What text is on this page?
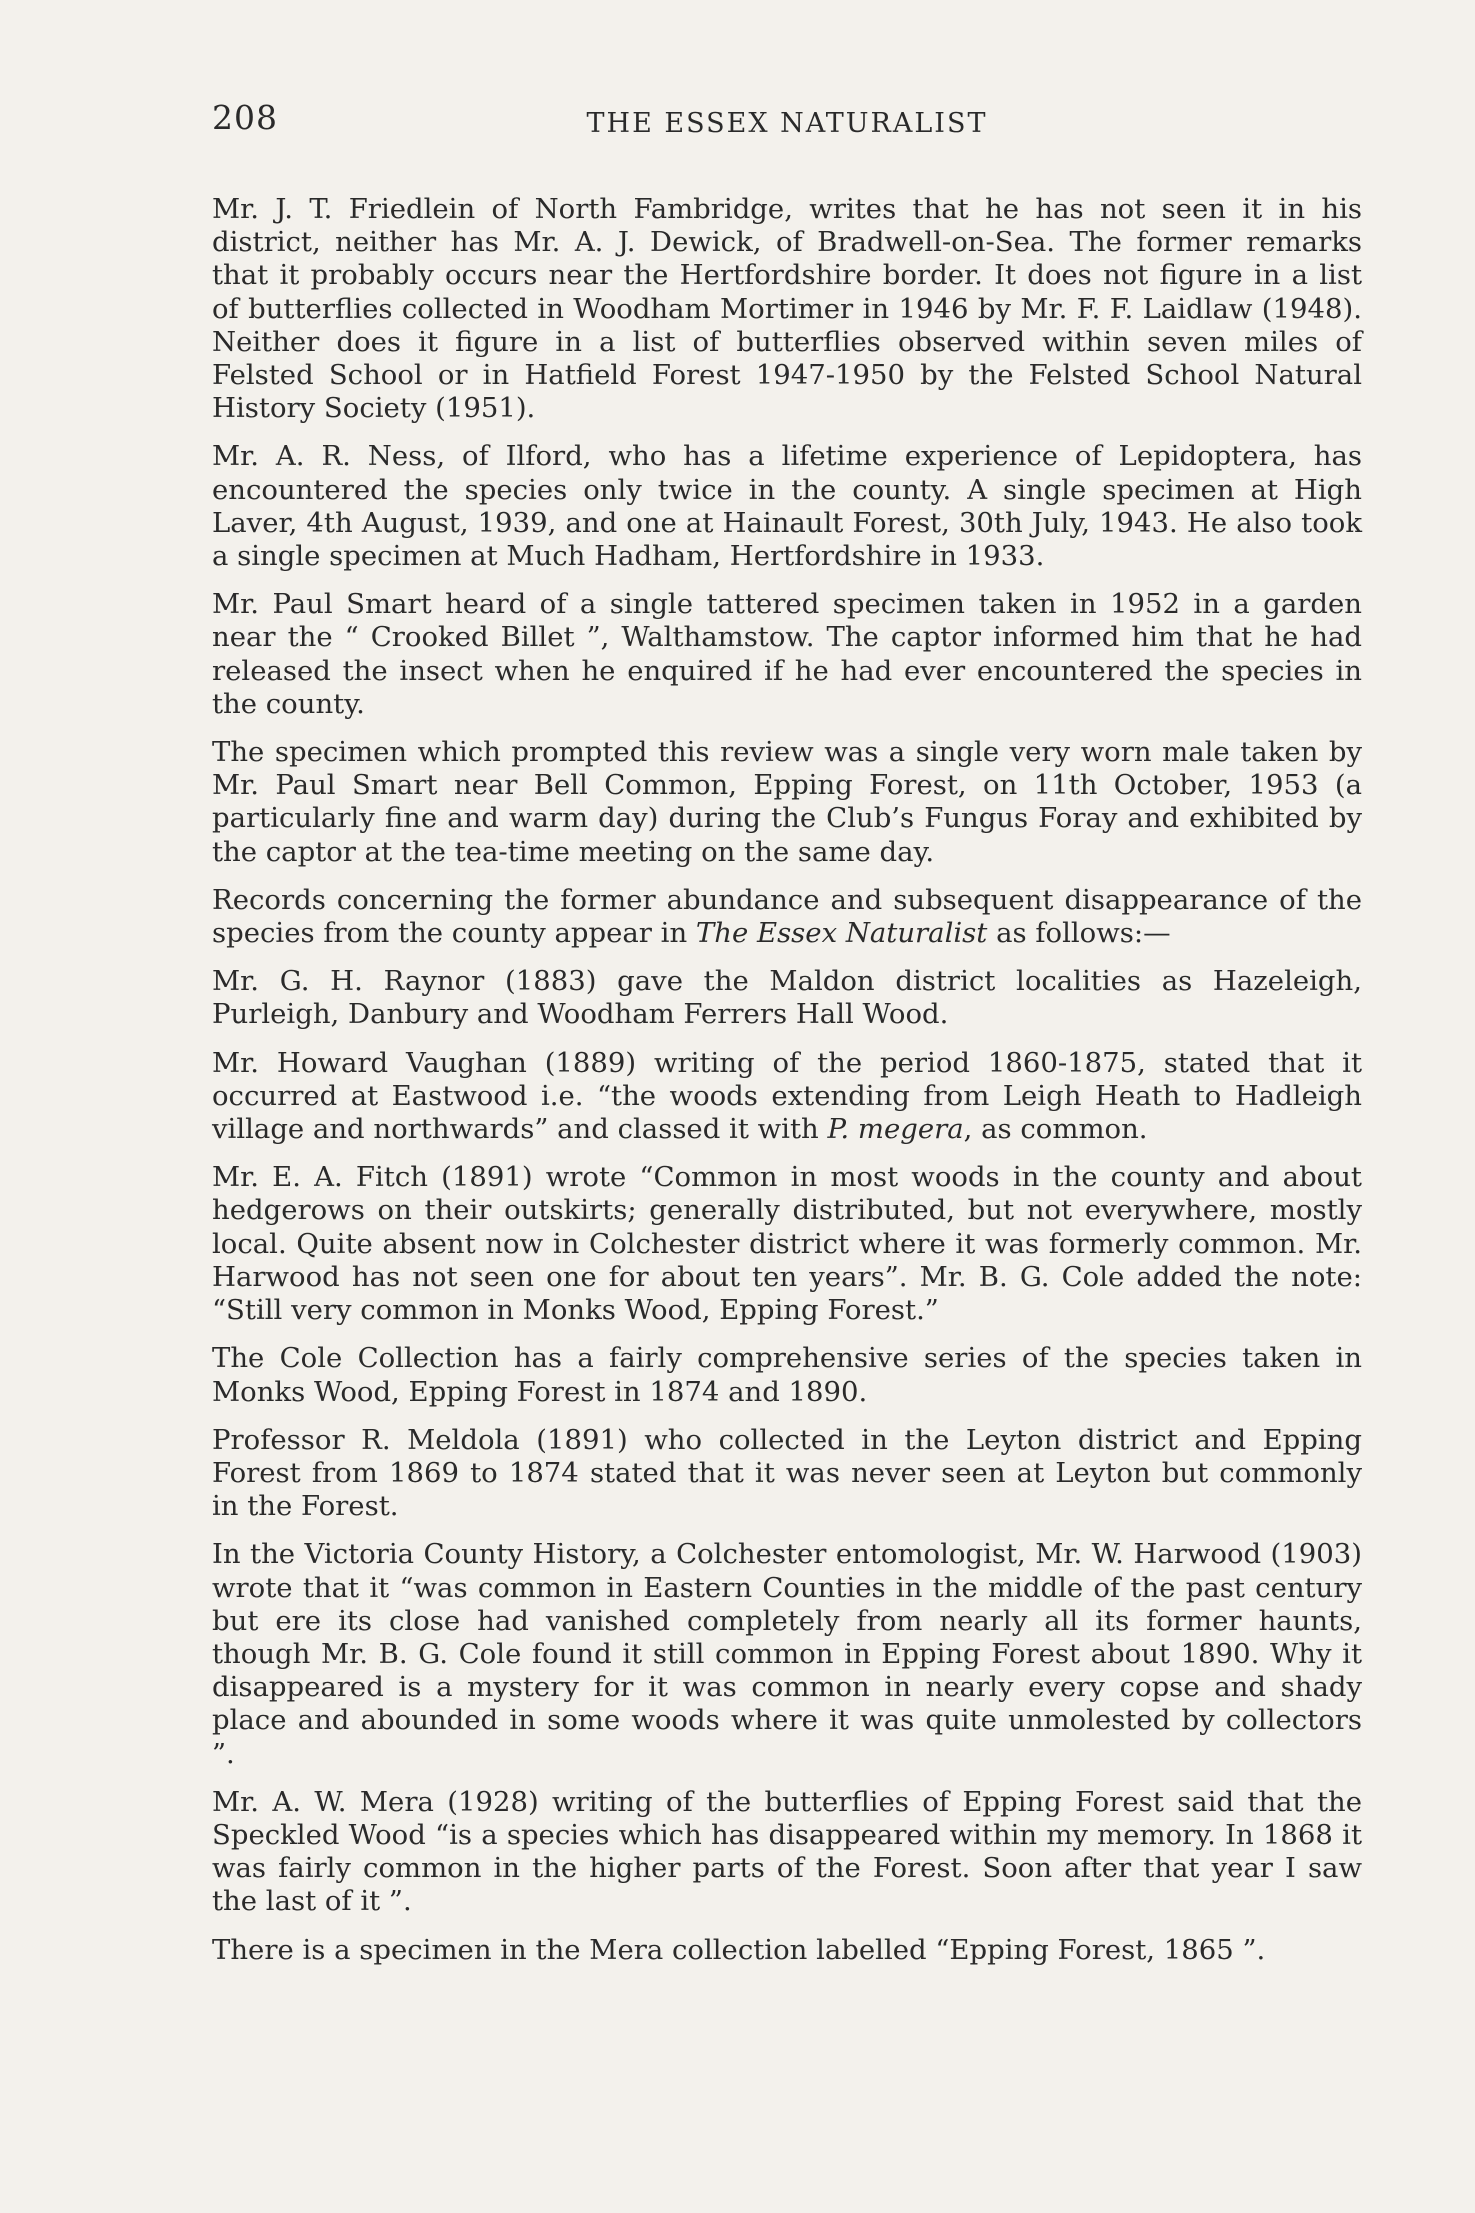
208	THE ESSEX NATURALIST

Mr. J. T. Friedlein of North Fambridge, writes that he has not seen it in his district, neither has Mr. A. J. Dewick, of Bradwell-on-Sea. The former remarks that it probably occurs near the Hertfordshire border. It does not figure in a list of butterflies collected in Woodham Mortimer in 1946 by Mr. F. F. Laidlaw (1948). Neither does it figure in a list of butterflies observed within seven miles of Felsted School or in Hatfield Forest 1947-1950 by the Felsted School Natural History Society (1951).

Mr. A. R. Ness, of Ilford, who has a lifetime experience of Lepidoptera, has encountered the species only twice in the county. A single specimen at High Laver, 4th August, 1939, and one at Hainault Forest, 30th July, 1943. He also took a single specimen at Much Hadham, Hertfordshire in 1933.

Mr. Paul Smart heard of a single tattered specimen taken in 1952 in a garden near the “ Crooked Billet ”, Walthamstow. The captor informed him that he had released the insect when he enquired if he had ever encountered the species in the county.

The specimen which prompted this review was a single very worn male taken by Mr. Paul Smart near Bell Common, Epping Forest, on 11th October, 1953 (a particularly fine and warm day) during the Club’s Fungus Foray and exhibited by the captor at the tea-time meeting on the same day.

Records concerning the former abundance and subsequent disappearance of the species from the county appear in The Essex Naturalist as follows:—

Mr. G. H. Raynor (1883) gave the Maldon district localities as Hazeleigh, Purleigh, Danbury and Woodham Ferrers Hall Wood.

Mr. Howard Vaughan (1889) writing of the period 1860-1875, stated that it occurred at Eastwood i.e. “the woods extending from Leigh Heath to Hadleigh village and northwards” and classed it with P. megera, as common.

Mr. E. A. Fitch (1891) wrote “Common in most woods in the county and about hedgerows on their outskirts; generally distributed, but not everywhere, mostly local. Quite absent now in Colchester district where it was formerly common. Mr. Harwood has not seen one for about ten years”. Mr. B. G. Cole added the note: “Still very common in Monks Wood, Epping Forest.”

The Cole Collection has a fairly comprehensive series of the species taken in Monks Wood, Epping Forest in 1874 and 1890.

Professor R. Meldola (1891) who collected in the Leyton district and Epping Forest from 1869 to 1874 stated that it was never seen at Leyton but commonly in the Forest.

In the Victoria County History, a Colchester entomologist, Mr. W. Harwood (1903) wrote that it “was common in Eastern Counties in the middle of the past century but ere its close had vanished completely from nearly all its former haunts, though Mr. B. G. Cole found it still common in Epping Forest about 1890. Why it disappeared is a mystery for it was common in nearly every copse and shady place and abounded in some woods where it was quite unmolested by collectors ”.

Mr. A. W. Mera (1928) writing of the butterflies of Epping Forest said that the Speckled Wood “is a species which has disappeared within my memory. In 1868 it was fairly common in the higher parts of the Forest. Soon after that year I saw the last of it ”.

There is a specimen in the Mera collection labelled “Epping Forest, 1865 ”.
